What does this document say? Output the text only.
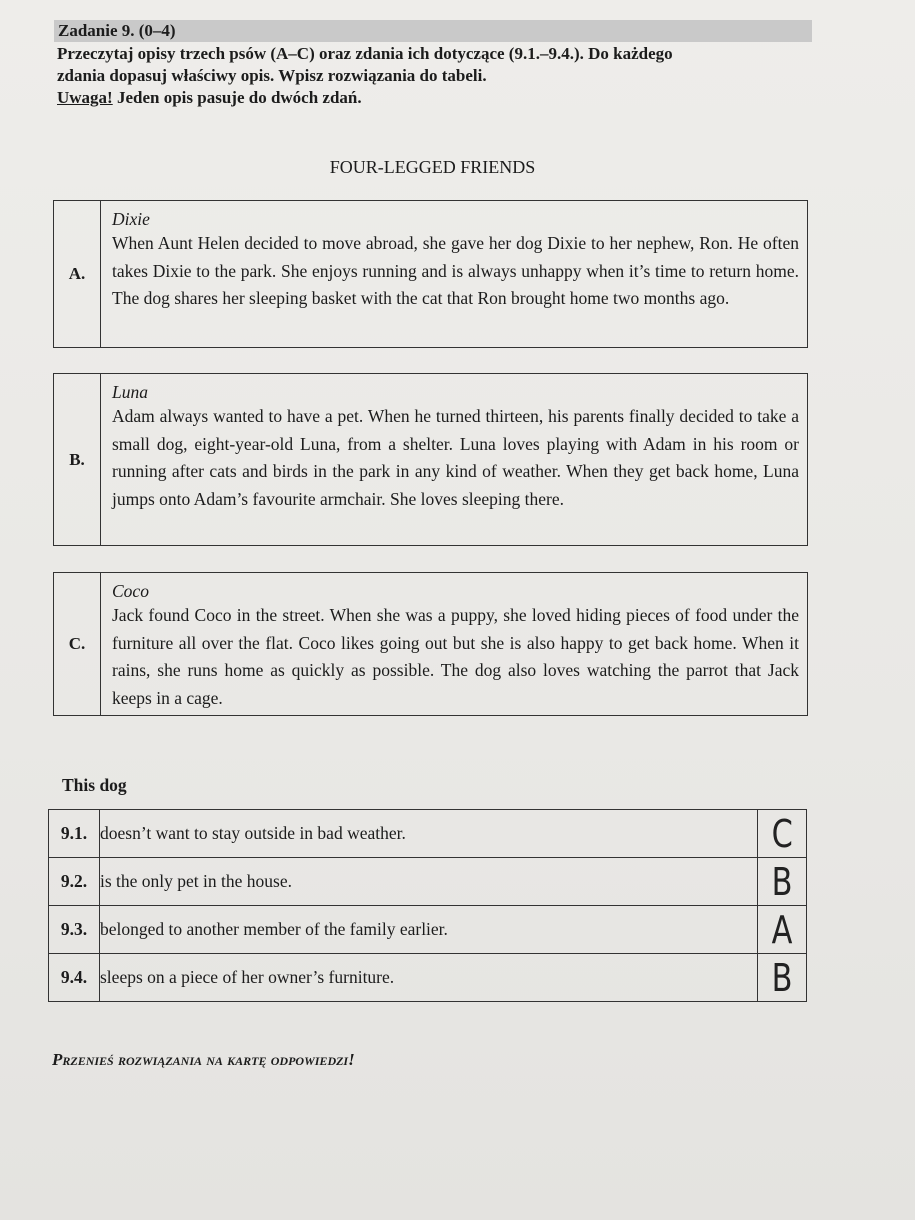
Zadanie 9. (0–4)

Przeczytaj opisy trzech psów (A–C) oraz zdania ich dotyczące (9.1.–9.4.). Do każdego

zdania dopasuj właściwy opis. Wpisz rozwiązania do tabeli.

Uwaga! Jeden opis pasuje do dwóch zdań.

FOUR-LEGGED FRIENDS
A.
Dixie
When Aunt Helen decided to move abroad, she gave her dog Dixie to her nephew, Ron. He often takes Dixie to the park. She enjoys running and is always unhappy when it’s time to return home. The dog shares her sleeping basket with the cat that Ron brought home two months ago.
B.
Luna
Adam always wanted to have a pet. When he turned thirteen, his parents finally decided to take a small dog, eight-year-old Luna, from a shelter. Luna loves playing with Adam in his room or running after cats and birds in the park in any kind of weather. When they get back home, Luna jumps onto Adam’s favourite armchair. She loves sleeping there.
C.
Coco
Jack found Coco in the street. When she was a puppy, she loved hiding pieces of food under the furniture all over the flat. Coco likes going out but she is also happy to get back home. When it rains, she runs home as quickly as possible. The dog also loves watching the parrot that Jack keeps in a cage.
This dog
9.1.	doesn’t want to stay outside in bad weather.	C
9.2.	is the only pet in the house.	B
9.3.	belonged to another member of the family earlier.	A
9.4.	sleeps on a piece of her owner’s furniture.	B
Przenieś rozwiązania na kartę odpowiedzi!
